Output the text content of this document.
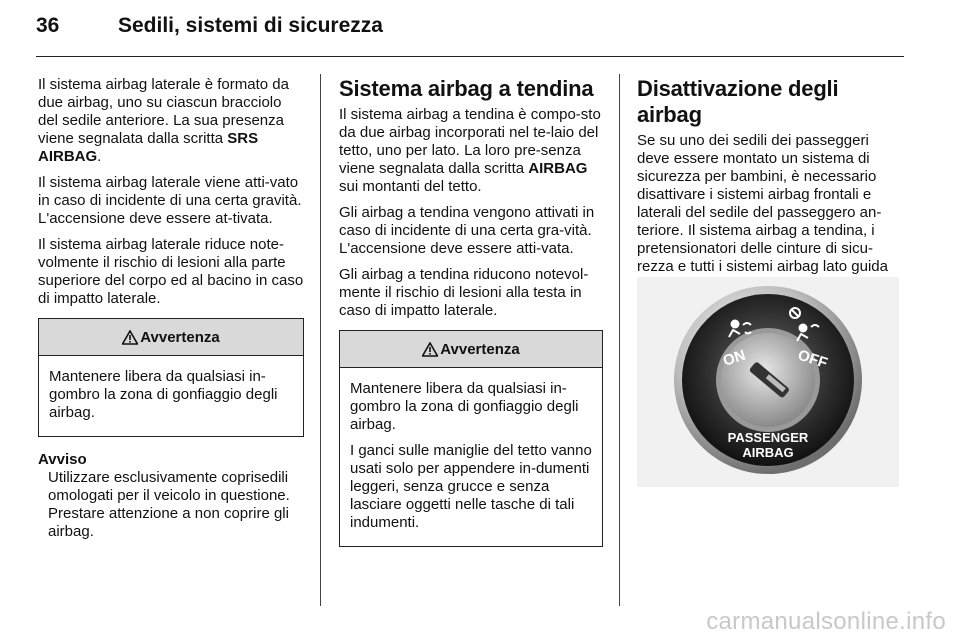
36	Sedili, sistemi di sicurezza

Il sistema airbag laterale è formato da due airbag, uno su ciascun bracciolo del sedile anteriore. La sua presenza viene segnalata dalla scritta SRS AIRBAG.

Il sistema airbag laterale viene atti-vato in caso di incidente di una certa gravità. L'accensione deve essere at-tivata.

Il sistema airbag laterale riduce note-volmente il rischio di lesioni alla parte superiore del corpo ed al bacino in caso di impatto laterale.

Avvertenza

Mantenere libera da qualsiasi in-gombro la zona di gonfiaggio degli airbag.

Avviso
Utilizzare esclusivamente coprisedili omologati per il veicolo in questione. Prestare attenzione a non coprire gli airbag.
Sistema airbag a tendina

Il sistema airbag a tendina è compo-sto da due airbag incorporati nel te-laio del tetto, uno per lato. La loro pre-senza viene segnalata dalla scritta AIRBAG sui montanti del tetto.

Gli airbag a tendina vengono attivati in caso di incidente di una certa gra-vità. L'accensione deve essere atti-vata.

Gli airbag a tendina riducono notevol-mente il rischio di lesioni alla testa in caso di impatto laterale.

Avvertenza

Mantenere libera da qualsiasi in-gombro la zona di gonfiaggio degli airbag.

I ganci sulle maniglie del tetto vanno usati solo per appendere in-dumenti leggeri, senza grucce e senza lasciare oggetti nelle tasche di tali indumenti.

Disattivazione degli airbag

Se su uno dei sedili dei passeggeri deve essere montato un sistema di sicurezza per bambini, è necessario disattivare i sistemi airbag frontali e laterali del sedile del passeggero an-teriore. Il sistema airbag a tendina, i pretensionatori delle cinture di sicu-rezza e tutti i sistemi airbag lato guida

ON	OFF
PASSENGER
AIRBAG
carmanualsonline.info
